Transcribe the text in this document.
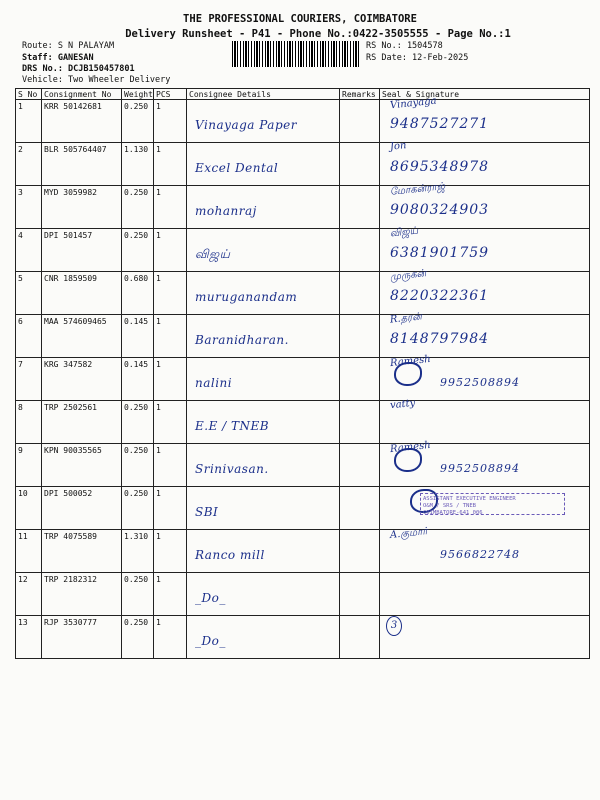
THE PROFESSIONAL COURIERS, COIMBATORE
Delivery Runsheet - P41 - Phone No.:0422-3505555 - Page No.:1
Route: S N PALAYAM
Staff: GANESAN
DRS No.: DCJB150457801
Vehicle: Two Wheeler Delivery
RS No.: 1504578
RS Date: 12-Feb-2025
S No	Consignment No	Weight	PCS	Consignee Details	Remarks	Seal & Signature
1	KRR 50142681	0.250	1	Vinayaga Paper		Vinayaga
9487527271

2	BLR 505764407	1.130	1	Excel Dental		Jon
8695348978

3	MYD 3059982	0.250	1	mohanraj		மோகன்ராஜ்
9080324903

4	DPI 501457	0.250	1	விஜய்		விஜய்
6381901759

5	CNR 1859509	0.680	1	muruganandam		முருகன்
8220322361

6	MAA 574609465	0.145	1	Baranidharan.		R.தரன்
8148797984

7	KRG 347582	0.145	1	nalini		Ramesh
9952508894

8	TRP 2502561	0.250	1	E.E / TNEB		vatty

9	KPN 90035565	0.250	1	Srinivasan.		Ramesh
9952508894

10	DPI 500052	0.250	1	SBI		ASSISTANT EXECUTIVE ENGINEER
O&M / SRS / TNEB
COIMBATORE-641 006

11	TRP 4075589	1.310	1	Ranco mill		A.குமார்
9566822748

12	TRP 2182312	0.250	1	_Do_		

13	RJP 3530777	0.250	1	_Do_		3
